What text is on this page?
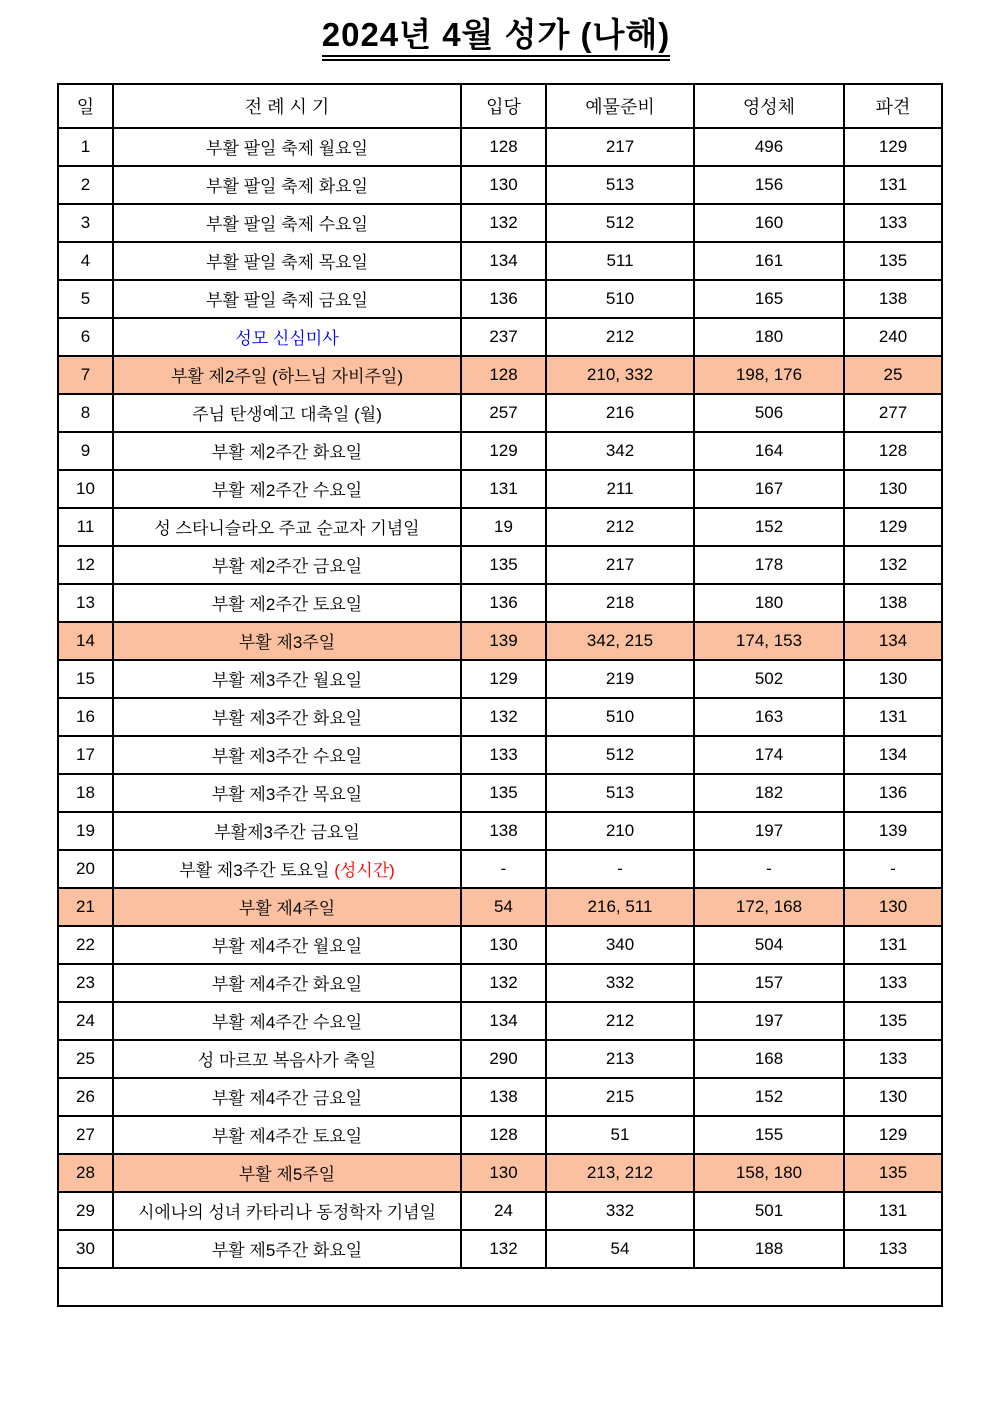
2024년 4월 성가 (나해)
일	전 례 시 기	입당	예물준비	영성체	파견
1	부활 팔일 축제 월요일	128	217	496	129
2	부활 팔일 축제 화요일	130	513	156	131
3	부활 팔일 축제 수요일	132	512	160	133
4	부활 팔일 축제 목요일	134	511	161	135
5	부활 팔일 축제 금요일	136	510	165	138
6	성모 신심미사	237	212	180	240
7	부활 제2주일 (하느님 자비주일)	128	210, 332	198, 176	25
8	주님 탄생예고 대축일 (월)	257	216	506	277
9	부활 제2주간 화요일	129	342	164	128
10	부활 제2주간 수요일	131	211	167	130
11	성 스타니슬라오 주교 순교자 기념일	19	212	152	129
12	부활 제2주간 금요일	135	217	178	132
13	부활 제2주간 토요일	136	218	180	138
14	부활 제3주일	139	342, 215	174, 153	134
15	부활 제3주간 월요일	129	219	502	130
16	부활 제3주간 화요일	132	510	163	131
17	부활 제3주간 수요일	133	512	174	134
18	부활 제3주간 목요일	135	513	182	136
19	부활제3주간 금요일	138	210	197	139
20	부활 제3주간 토요일 (성시간)	-	-	-	-
21	부활 제4주일	54	216, 511	172, 168	130
22	부활 제4주간 월요일	130	340	504	131
23	부활 제4주간 화요일	132	332	157	133
24	부활 제4주간 수요일	134	212	197	135
25	성 마르꼬 복음사가 축일	290	213	168	133
26	부활 제4주간 금요일	138	215	152	130
27	부활 제4주간 토요일	128	51	155	129
28	부활 제5주일	130	213, 212	158, 180	135
29	시에나의 성녀 카타리나 동정학자 기념일	24	332	501	131
30	부활 제5주간 화요일	132	54	188	133
